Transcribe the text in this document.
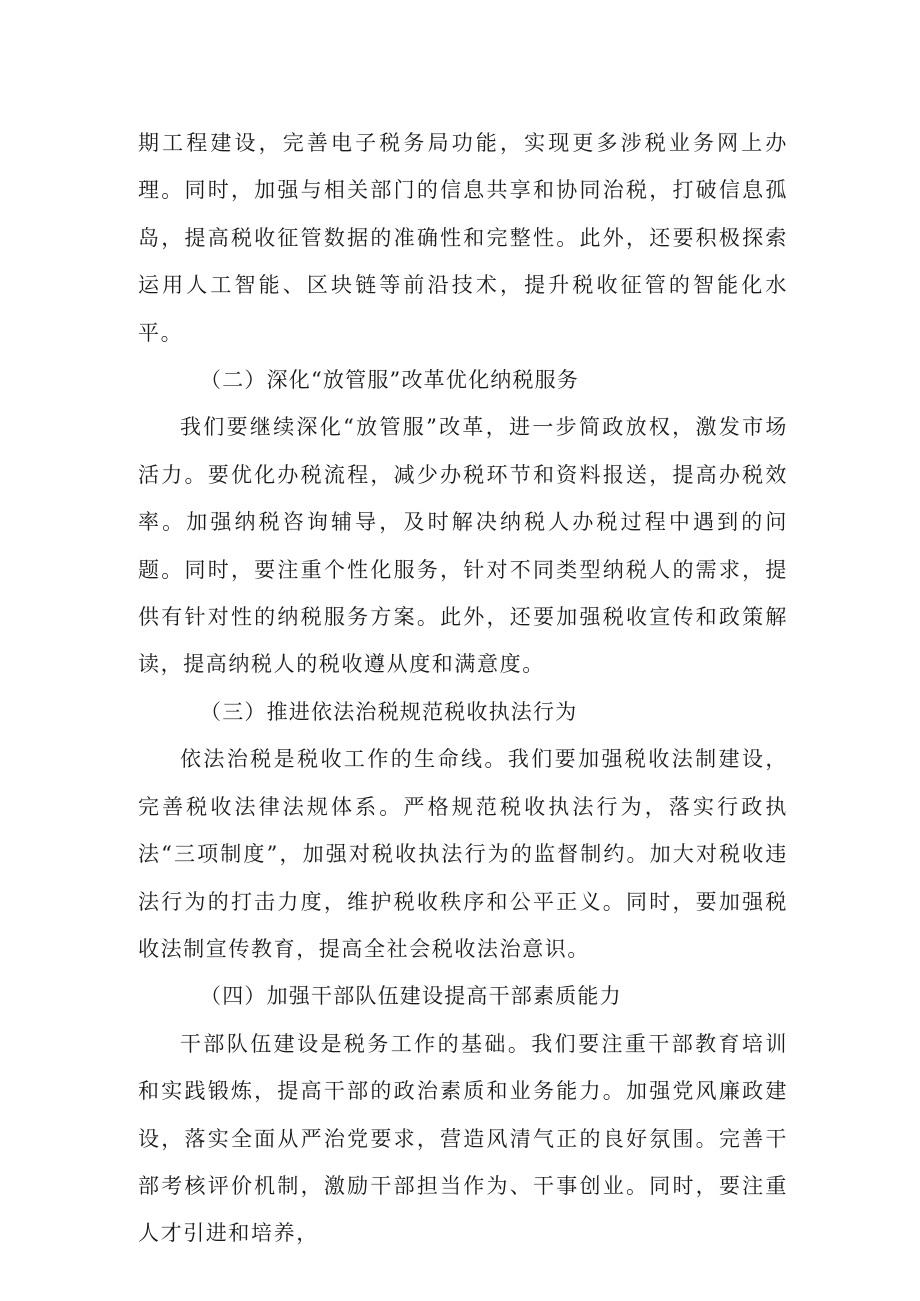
期工程建设，完善电子税务局功能，实现更多涉税业务网上办理。同时，加强与相关部门的信息共享和协同治税，打破信息孤岛，提高税收征管数据的准确性和完整性。此外，还要积极探索运用人工智能、区块链等前沿技术，提升税收征管的智能化水平。

（二）深化“放管服”改革优化纳税服务

我们要继续深化“放管服”改革，进一步简政放权，激发市场活力。要优化办税流程，减少办税环节和资料报送，提高办税效率。加强纳税咨询辅导，及时解决纳税人办税过程中遇到的问题。同时，要注重个性化服务，针对不同类型纳税人的需求，提供有针对性的纳税服务方案。此外，还要加强税收宣传和政策解读，提高纳税人的税收遵从度和满意度。

（三）推进依法治税规范税收执法行为

依法治税是税收工作的生命线。我们要加强税收法制建设，完善税收法律法规体系。严格规范税收执法行为，落实行政执法“三项制度”，加强对税收执法行为的监督制约。加大对税收违法行为的打击力度，维护税收秩序和公平正义。同时，要加强税收法制宣传教育，提高全社会税收法治意识。

（四）加强干部队伍建设提高干部素质能力

干部队伍建设是税务工作的基础。我们要注重干部教育培训和实践锻炼，提高干部的政治素质和业务能力。加强党风廉政建设，落实全面从严治党要求，营造风清气正的良好氛围。完善干部考核评价机制，激励干部担当作为、干事创业。同时，要注重人才引进和培养，
